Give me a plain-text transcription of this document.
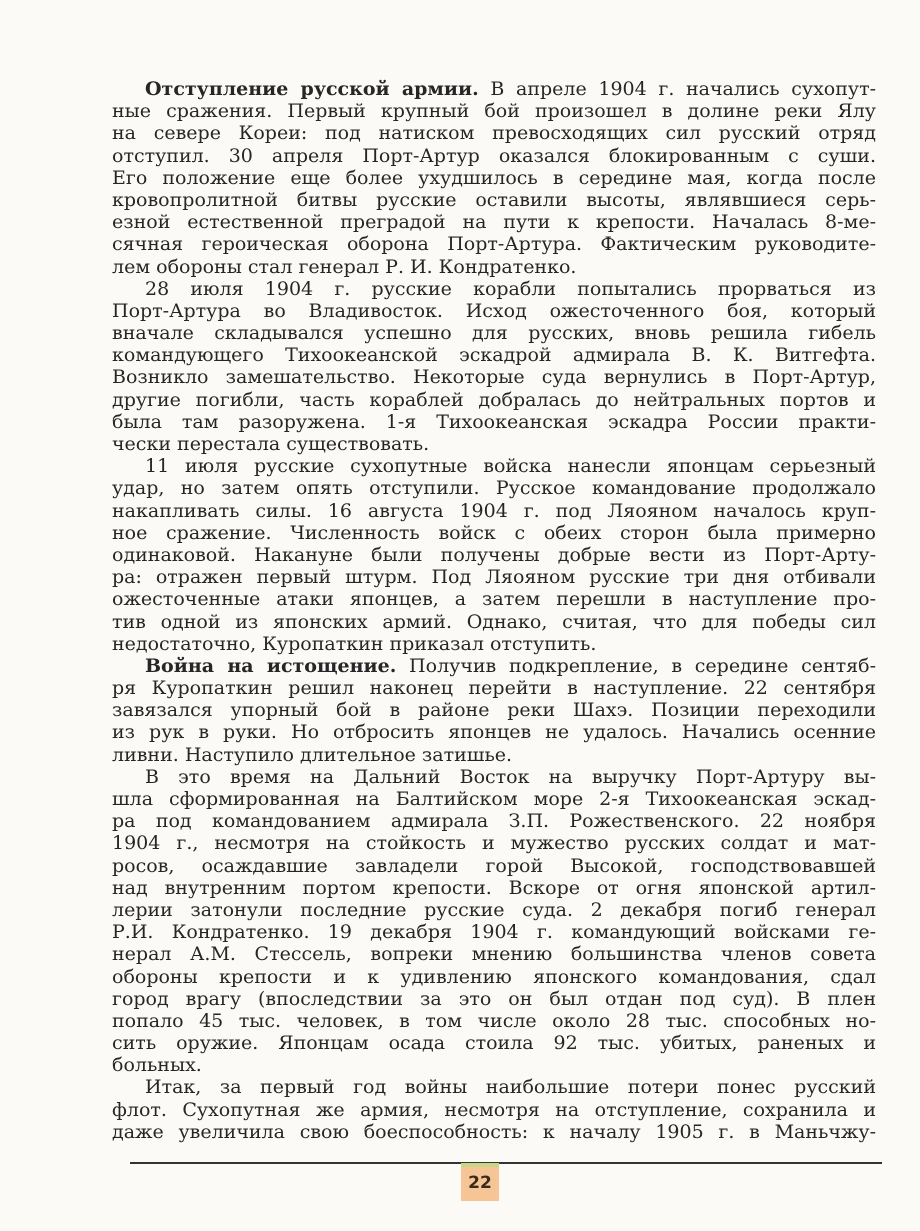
Отступление русской армии. В апреле 1904 г. начались сухопут-
ные сражения. Первый крупный бой произошел в долине реки Ялу
на севере Кореи: под натиском превосходящих сил русский отряд
отступил. 30 апреля Порт-Артур оказался блокированным с суши.
Его положение еще более ухудшилось в середине мая, когда после
кровопролитной битвы русские оставили высоты, являвшиеся серь-
езной естественной преградой на пути к крепости. Началась 8-ме-
сячная героическая оборона Порт-Артура. Фактическим руководите-
лем обороны стал генерал Р. И. Кондратенко.
28 июля 1904 г. русские корабли попытались прорваться из
Порт-Артура во Владивосток. Исход ожесточенного боя, который
вначале складывался успешно для русских, вновь решила гибель
командующего Тихоокеанской эскадрой адмирала В. К. Витгефта.
Возникло замешательство. Некоторые суда вернулись в Порт-Артур,
другие погибли, часть кораблей добралась до нейтральных портов и
была там разоружена. 1-я Тихоокеанская эскадра России практи-
чески перестала существовать.
11 июля русские сухопутные войска нанесли японцам серьезный
удар, но затем опять отступили. Русское командование продолжало
накапливать силы. 16 августа 1904 г. под Ляояном началось круп-
ное сражение. Численность войск с обеих сторон была примерно
одинаковой. Накануне были получены добрые вести из Порт-Арту-
ра: отражен первый штурм. Под Ляояном русские три дня отбивали
ожесточенные атаки японцев, а затем перешли в наступление про-
тив одной из японских армий. Однако, считая, что для победы сил
недостаточно, Куропаткин приказал отступить.
Война на истощение. Получив подкрепление, в середине сентяб-
ря Куропаткин решил наконец перейти в наступление. 22 сентября
завязался упорный бой в районе реки Шахэ. Позиции переходили
из рук в руки. Но отбросить японцев не удалось. Начались осенние
ливни. Наступило длительное затишье.
В это время на Дальний Восток на выручку Порт-Артуру вы-
шла сформированная на Балтийском море 2-я Тихоокеанская эскад-
ра под командованием адмирала З.П. Рожественского. 22 ноября
1904 г., несмотря на стойкость и мужество русских солдат и мат-
росов, осаждавшие завладели горой Высокой, господствовавшей
над внутренним портом крепости. Вскоре от огня японской артил-
лерии затонули последние русские суда. 2 декабря погиб генерал
Р.И. Кондратенко. 19 декабря 1904 г. командующий войсками ге-
нерал А.М. Стессель, вопреки мнению большинства членов совета
обороны крепости и к удивлению японского командования, сдал
город врагу (впоследствии за это он был отдан под суд). В плен
попало 45 тыс. человек, в том числе около 28 тыс. способных но-
сить оружие. Японцам осада стоила 92 тыс. убитых, раненых и
больных.
Итак, за первый год войны наибольшие потери понес русский
флот. Сухопутная же армия, несмотря на отступление, сохранила и
даже увеличила свою боеспособность: к началу 1905 г. в Маньчжу-
22
